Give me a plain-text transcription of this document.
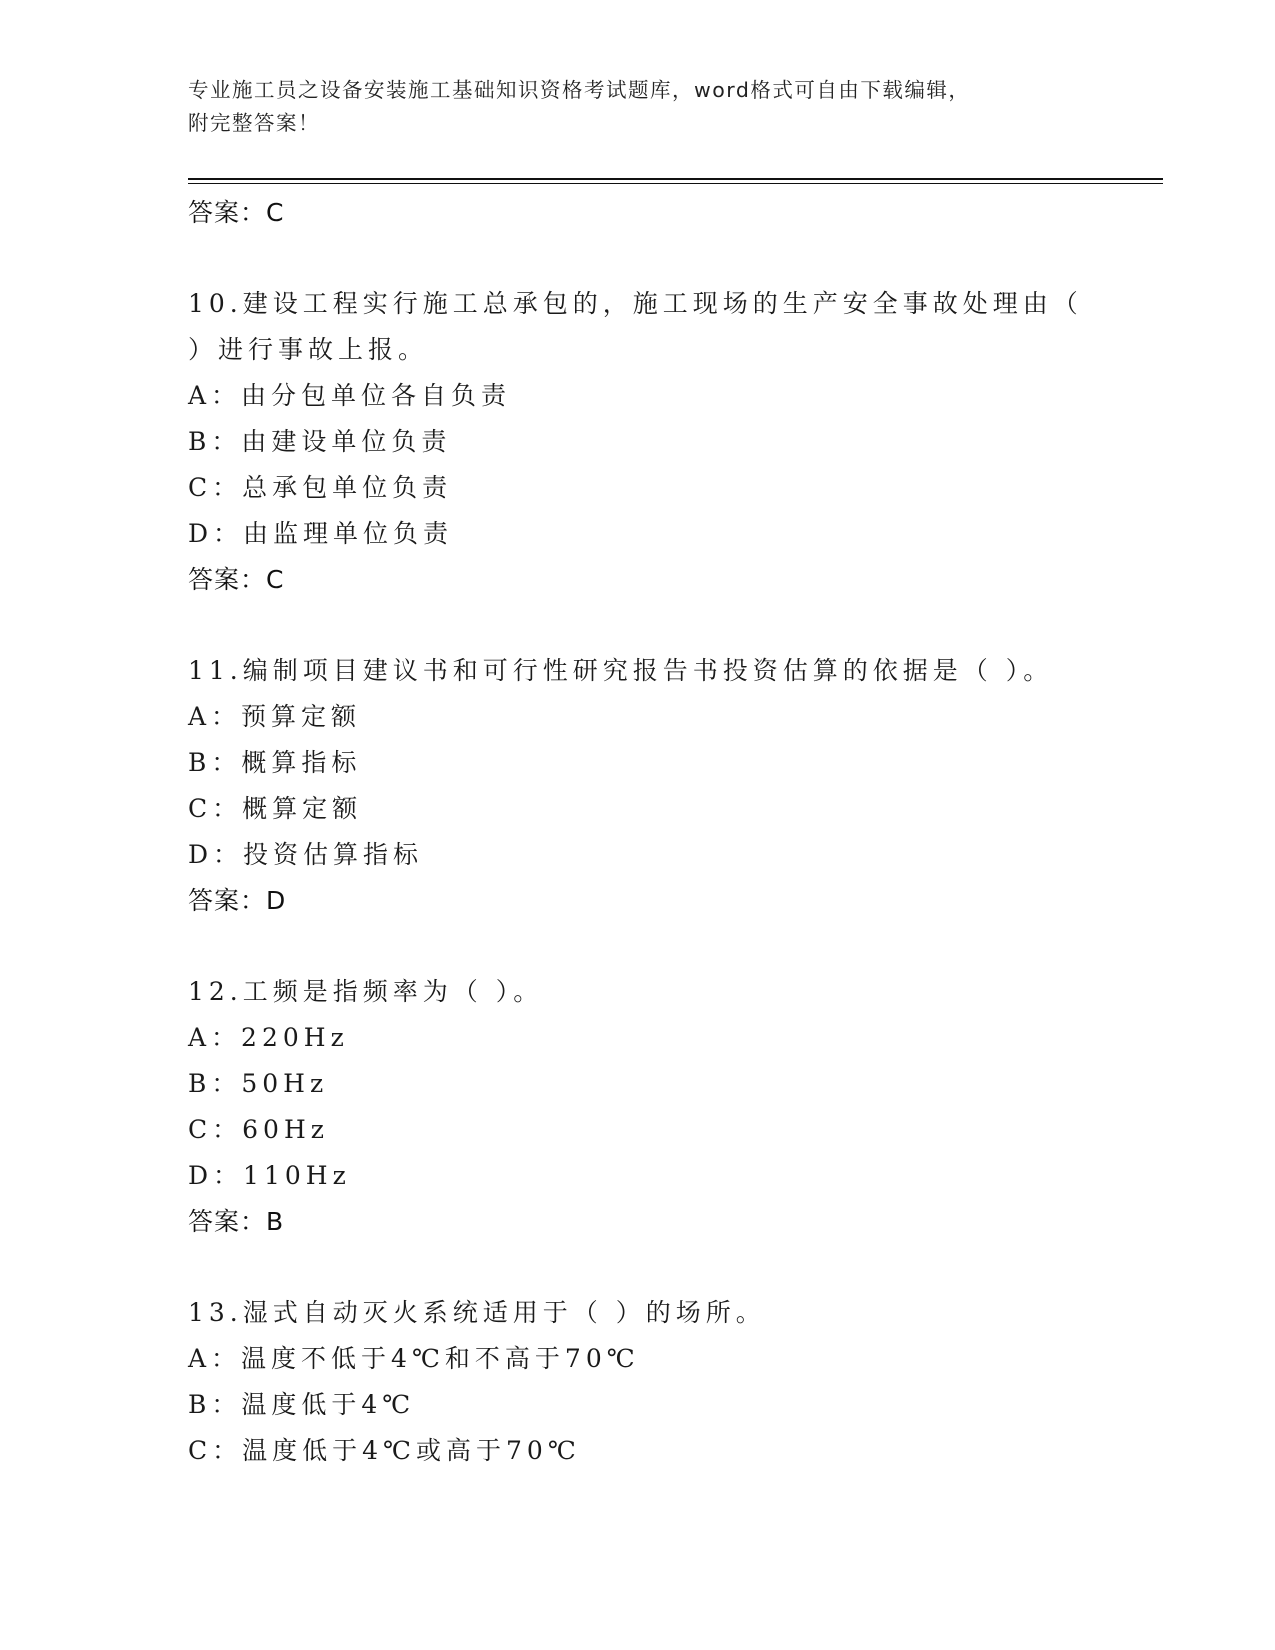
专业施工员之设备安装施工基础知识资格考试题库，word格式可自由下载编辑，
附完整答案！
答案：C
10.建设工程实行施工总承包的，施工现场的生产安全事故处理由（
）进行事故上报。
A：由分包单位各自负责
B：由建设单位负责
C：总承包单位负责
D：由监理单位负责
答案：C
11.编制项目建议书和可行性研究报告书投资估算的依据是（ ）。
A：预算定额
B：概算指标
C：概算定额
D：投资估算指标
答案：D
12.工频是指频率为（ ）。
A：220Hz
B：50Hz
C：60Hz
D：110Hz
答案：B
13.湿式自动灭火系统适用于（ ）的场所。
A：温度不低于4℃和不高于70℃
B：温度低于4℃
C：温度低于4℃或高于70℃
